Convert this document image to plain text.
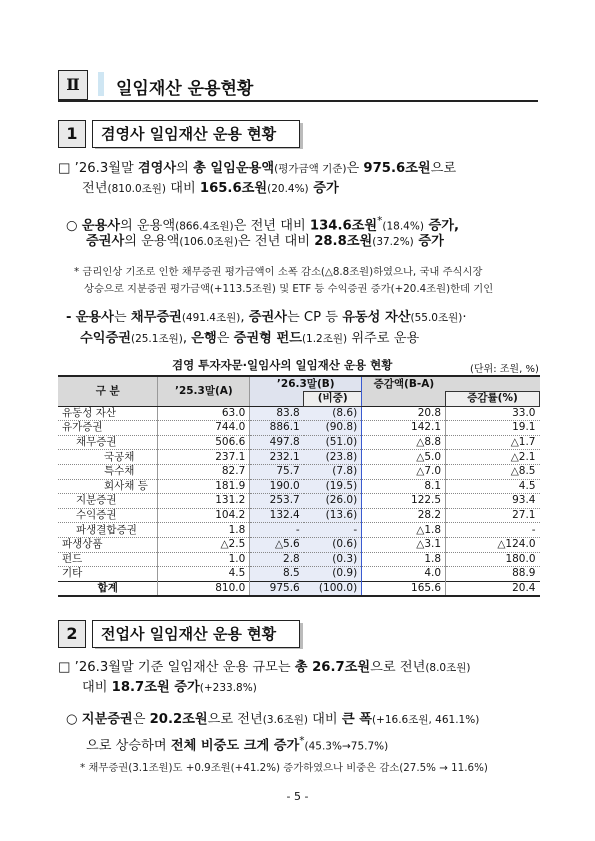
Ⅱ	일임재산 운용현황
1	겸영사 일임재산 운용 현황
□ ’26.3월말 겸영사의 총 일임운용액(평가금액 기준)은 975.6조원으로
전년(810.0조원) 대비 165.6조원(20.4%) 증가
○ 운용사의 운용액(866.4조원)은 전년 대비 134.6조원*(18.4%) 증가,
증권사의 운용액(106.0조원)은 전년 대비 28.8조원(37.2%) 증가
* 금리인상 기조로 인한 채무증권 평가금액이 소폭 감소(△8.8조원)하였으나, 국내 주식시장
상승으로 지분증권 평가금액(+113.5조원) 및 ETF 등 수익증권 증가(+20.4조원)한데 기인
- 운용사는 채무증권(491.4조원), 증권사는 CP 등 유동성 자산(55.0조원)·
수익증권(25.1조원), 은행은 증권형 펀드(1.2조원) 위주로 운용
겸영 투자자문·일임사의 일임재산 운용 현황	(단위: 조원, %)
구 분	’25.3말(A)	’26.3말(B)		증감액(B-A)	
			(비중)		증감률(%)
유동성 자산	63.0	83.8	(8.6)	20.8	33.0
유가증권	744.0	886.1	(90.8)	142.1	19.1
채무증권	506.6	497.8	(51.0)	△8.8	△1.7
국공채	237.1	232.1	(23.8)	△5.0	△2.1
특수채	82.7	75.7	(7.8)	△7.0	△8.5
회사채 등	181.9	190.0	(19.5)	8.1	4.5
지분증권	131.2	253.7	(26.0)	122.5	93.4
수익증권	104.2	132.4	(13.6)	28.2	27.1
파생결합증권	1.8	-	-	△1.8	-
파생상품	△2.5	△5.6	(0.6)	△3.1	△124.0
펀드	1.0	2.8	(0.3)	1.8	180.0
기타	4.5	8.5	(0.9)	4.0	88.9
합계	810.0	975.6	(100.0)	165.6	20.4
2	전업사 일임재산 운용 현황
□ ’26.3월말 기준 일임재산 운용 규모는 총 26.7조원으로 전년(8.0조원)
대비 18.7조원 증가(+233.8%)
○ 지분증권은 20.2조원으로 전년(3.6조원) 대비 큰 폭(+16.6조원, 461.1%)
으로 상승하며 전체 비중도 크게 증가*(45.3%→75.7%)
* 채무증권(3.1조원)도 +0.9조원(+41.2%) 증가하였으나 비중은 감소(27.5% → 11.6%)
- 5 -
